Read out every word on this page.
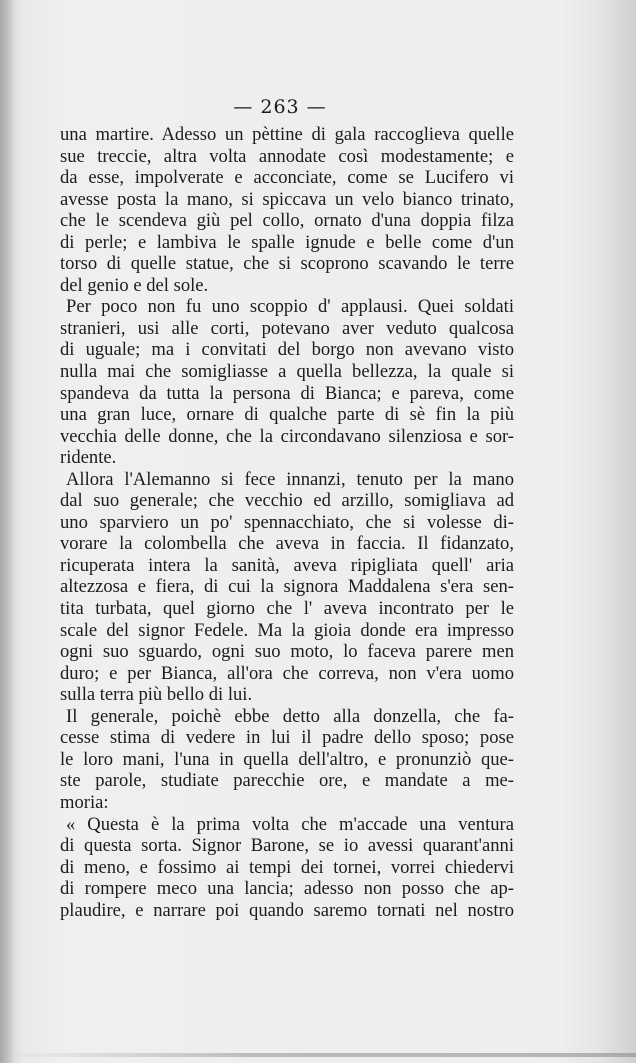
— 263 —
una martire. Adesso un pèttine di gala raccoglieva quelle
sue treccie, altra volta annodate così modestamente; e
da esse, impolverate e acconciate, come se Lucifero vi
avesse posta la mano, si spiccava un velo bianco trinato,
che le scendeva giù pel collo, ornato d'una doppia filza
di perle; e lambiva le spalle ignude e belle come d'un
torso di quelle statue, che si scoprono scavando le terre
del genio e del sole.
Per poco non fu uno scoppio d' applausi. Quei soldati
stranieri, usi alle corti, potevano aver veduto qualcosa
di uguale; ma i convitati del borgo non avevano visto
nulla mai che somigliasse a quella bellezza, la quale si
spandeva da tutta la persona di Bianca; e pareva, come
una gran luce, ornare di qualche parte di sè fin la più
vecchia delle donne, che la circondavano silenziosa e sor-
ridente.
Allora l'Alemanno si fece innanzi, tenuto per la mano
dal suo generale; che vecchio ed arzillo, somigliava ad
uno sparviero un po' spennacchiato, che si volesse di-
vorare la colombella che aveva in faccia. Il fidanzato,
ricuperata intera la sanità, aveva ripigliata quell' aria
altezzosa e fiera, di cui la signora Maddalena s'era sen-
tita turbata, quel giorno che l' aveva incontrato per le
scale del signor Fedele. Ma la gioia donde era impresso
ogni suo sguardo, ogni suo moto, lo faceva parere men
duro; e per Bianca, all'ora che correva, non v'era uomo
sulla terra più bello di lui.
Il generale, poichè ebbe detto alla donzella, che fa-
cesse stima di vedere in lui il padre dello sposo; pose
le loro mani, l'una in quella dell'altro, e pronunziò que-
ste parole, studiate parecchie ore, e mandate a me-
moria:
« Questa è la prima volta che m'accade una ventura
di questa sorta. Signor Barone, se io avessi quarant'anni
di meno, e fossimo ai tempi dei tornei, vorrei chiedervi
di rompere meco una lancia; adesso non posso che ap-
plaudire, e narrare poi quando saremo tornati nel nostro
